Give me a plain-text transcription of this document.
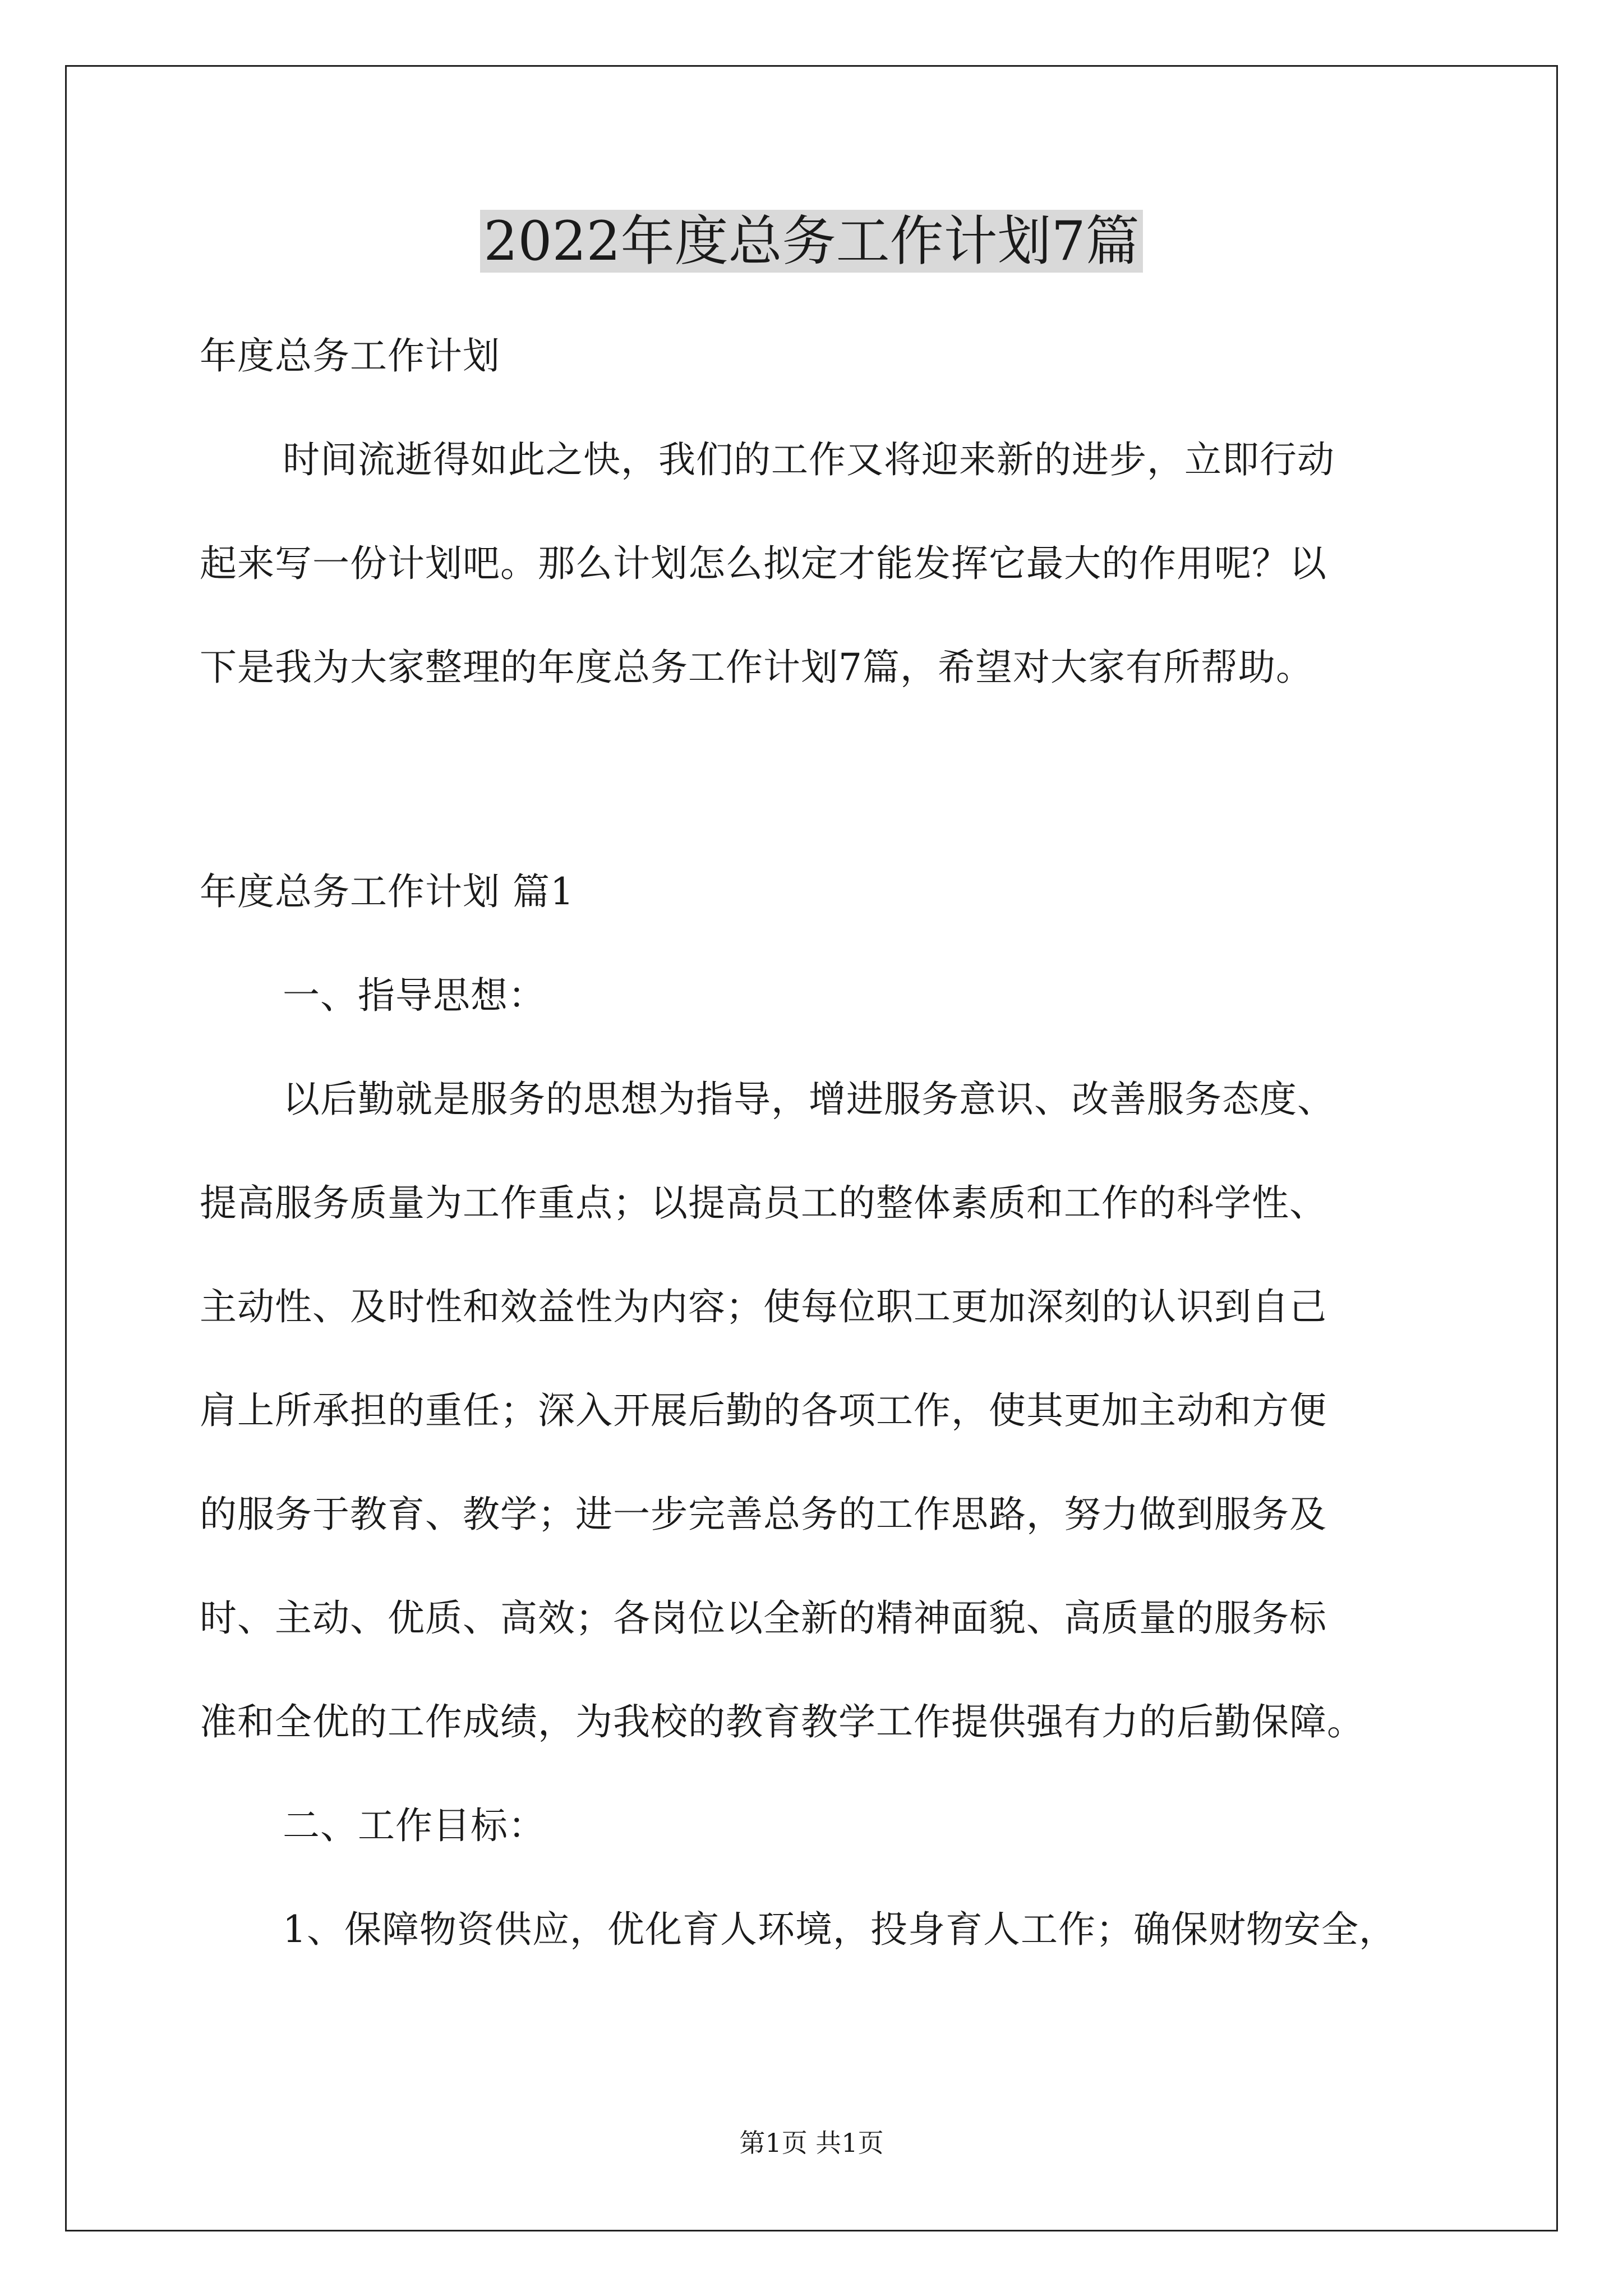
2022年度总务工作计划7篇
年度总务工作计划
时间流逝得如此之快，我们的工作又将迎来新的进步，立即行动
起来写一份计划吧。那么计划怎么拟定才能发挥它最大的作用呢？以
下是我为大家整理的年度总务工作计划7篇，希望对大家有所帮助。
年度总务工作计划 篇1
一、指导思想：
以后勤就是服务的思想为指导，增进服务意识、改善服务态度、
提高服务质量为工作重点；以提高员工的整体素质和工作的科学性、
主动性、及时性和效益性为内容；使每位职工更加深刻的认识到自己
肩上所承担的重任；深入开展后勤的各项工作，使其更加主动和方便
的服务于教育、教学；进一步完善总务的工作思路，努力做到服务及
时、主动、优质、高效；各岗位以全新的精神面貌、高质量的服务标
准和全优的工作成绩，为我校的教育教学工作提供强有力的后勤保障。
二、工作目标：
1、保障物资供应，优化育人环境，投身育人工作；确保财物安全，
第1页 共1页
